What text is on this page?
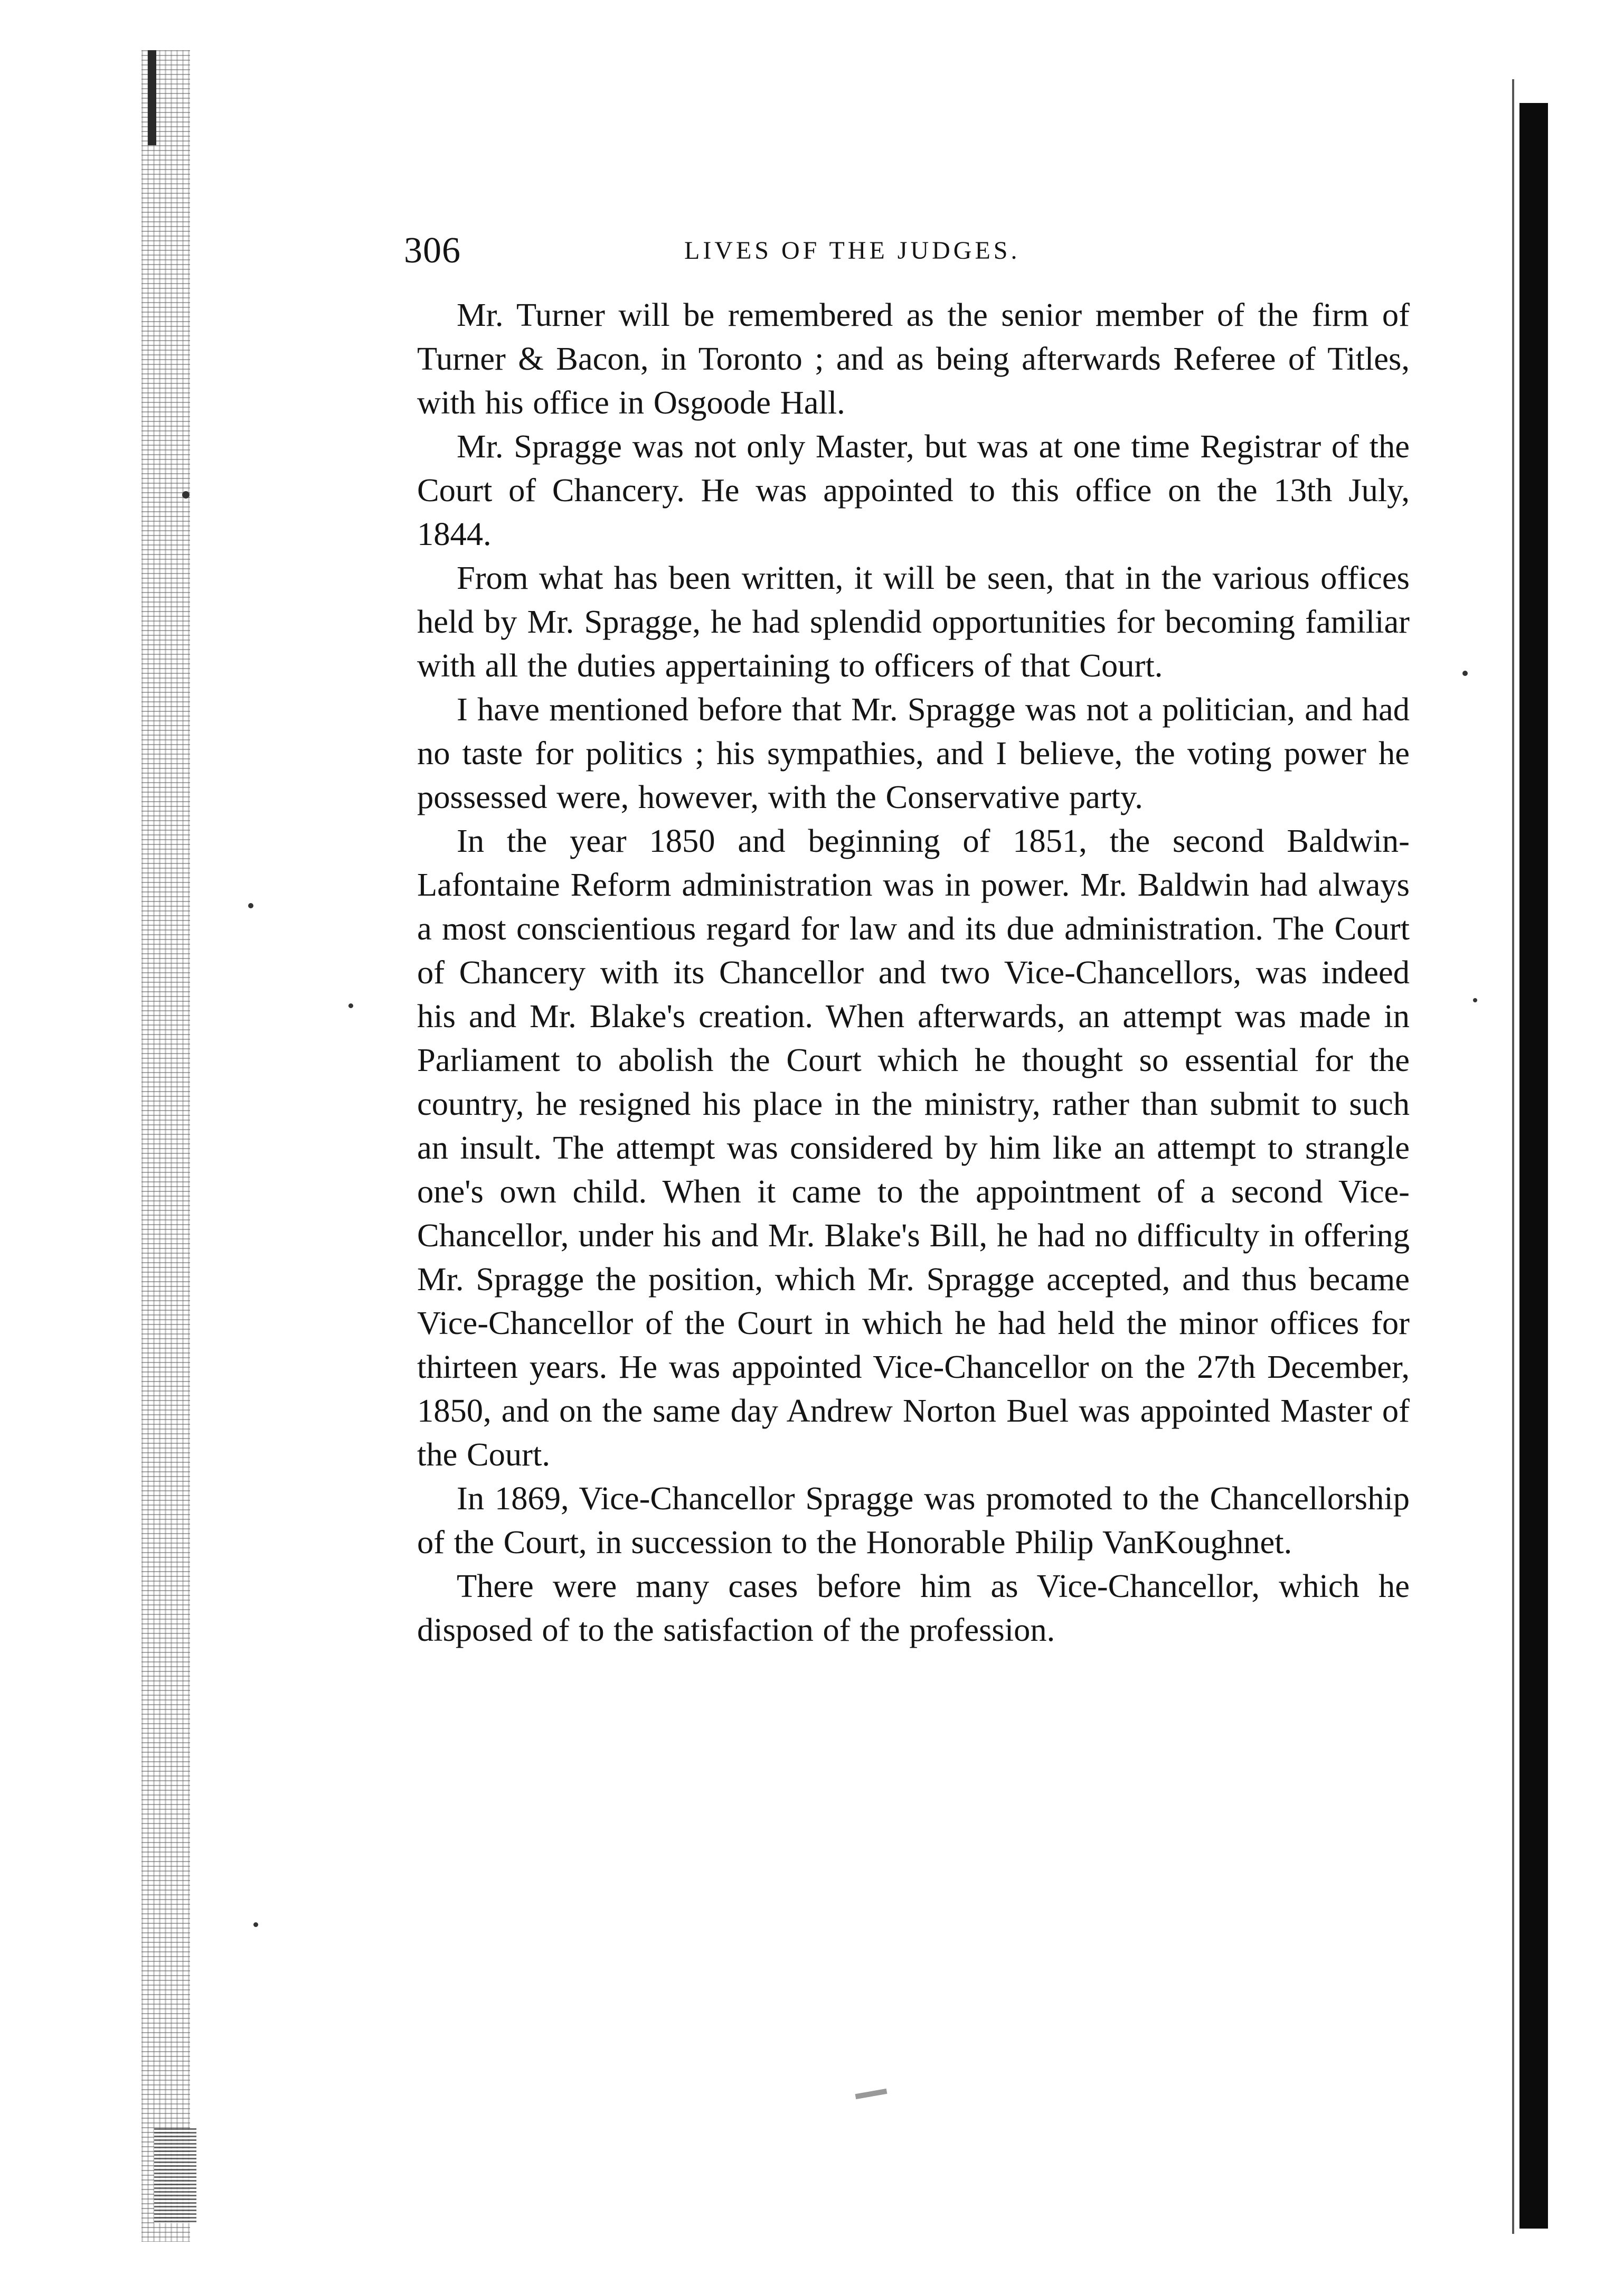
306	LIVES OF THE JUDGES.

Mr. Turner will be remembered as the senior member of the firm of Turner & Bacon, in Toronto ; and as being afterwards Referee of Titles, with his office in Osgoode Hall.

Mr. Spragge was not only Master, but was at one time Registrar of the Court of Chancery. He was appointed to this office on the 13th July, 1844.

From what has been written, it will be seen, that in the various offices held by Mr. Spragge, he had splendid opportunities for becoming familiar with all the duties appertaining to officers of that Court.

I have mentioned before that Mr. Spragge was not a politician, and had no taste for politics ; his sympathies, and I believe, the voting power he possessed were, however, with the Conservative party.

In the year 1850 and beginning of 1851, the second Baldwin-Lafontaine Reform administration was in power. Mr. Baldwin had always a most conscientious regard for law and its due administration. The Court of Chancery with its Chancellor and two Vice-Chancellors, was indeed his and Mr. Blake's creation. When afterwards, an attempt was made in Parliament to abolish the Court which he thought so essential for the country, he resigned his place in the ministry, rather than submit to such an insult. The attempt was considered by him like an attempt to strangle one's own child. When it came to the appointment of a second Vice-Chancellor, under his and Mr. Blake's Bill, he had no difficulty in offering Mr. Spragge the position, which Mr. Spragge accepted, and thus became Vice-Chancellor of the Court in which he had held the minor offices for thirteen years. He was appointed Vice-Chancellor on the 27th December, 1850, and on the same day Andrew Norton Buel was appointed Master of the Court.

In 1869, Vice-Chancellor Spragge was promoted to the Chancellorship of the Court, in succession to the Honorable Philip VanKoughnet.

There were many cases before him as Vice-Chancellor, which he disposed of to the satisfaction of the profession.
